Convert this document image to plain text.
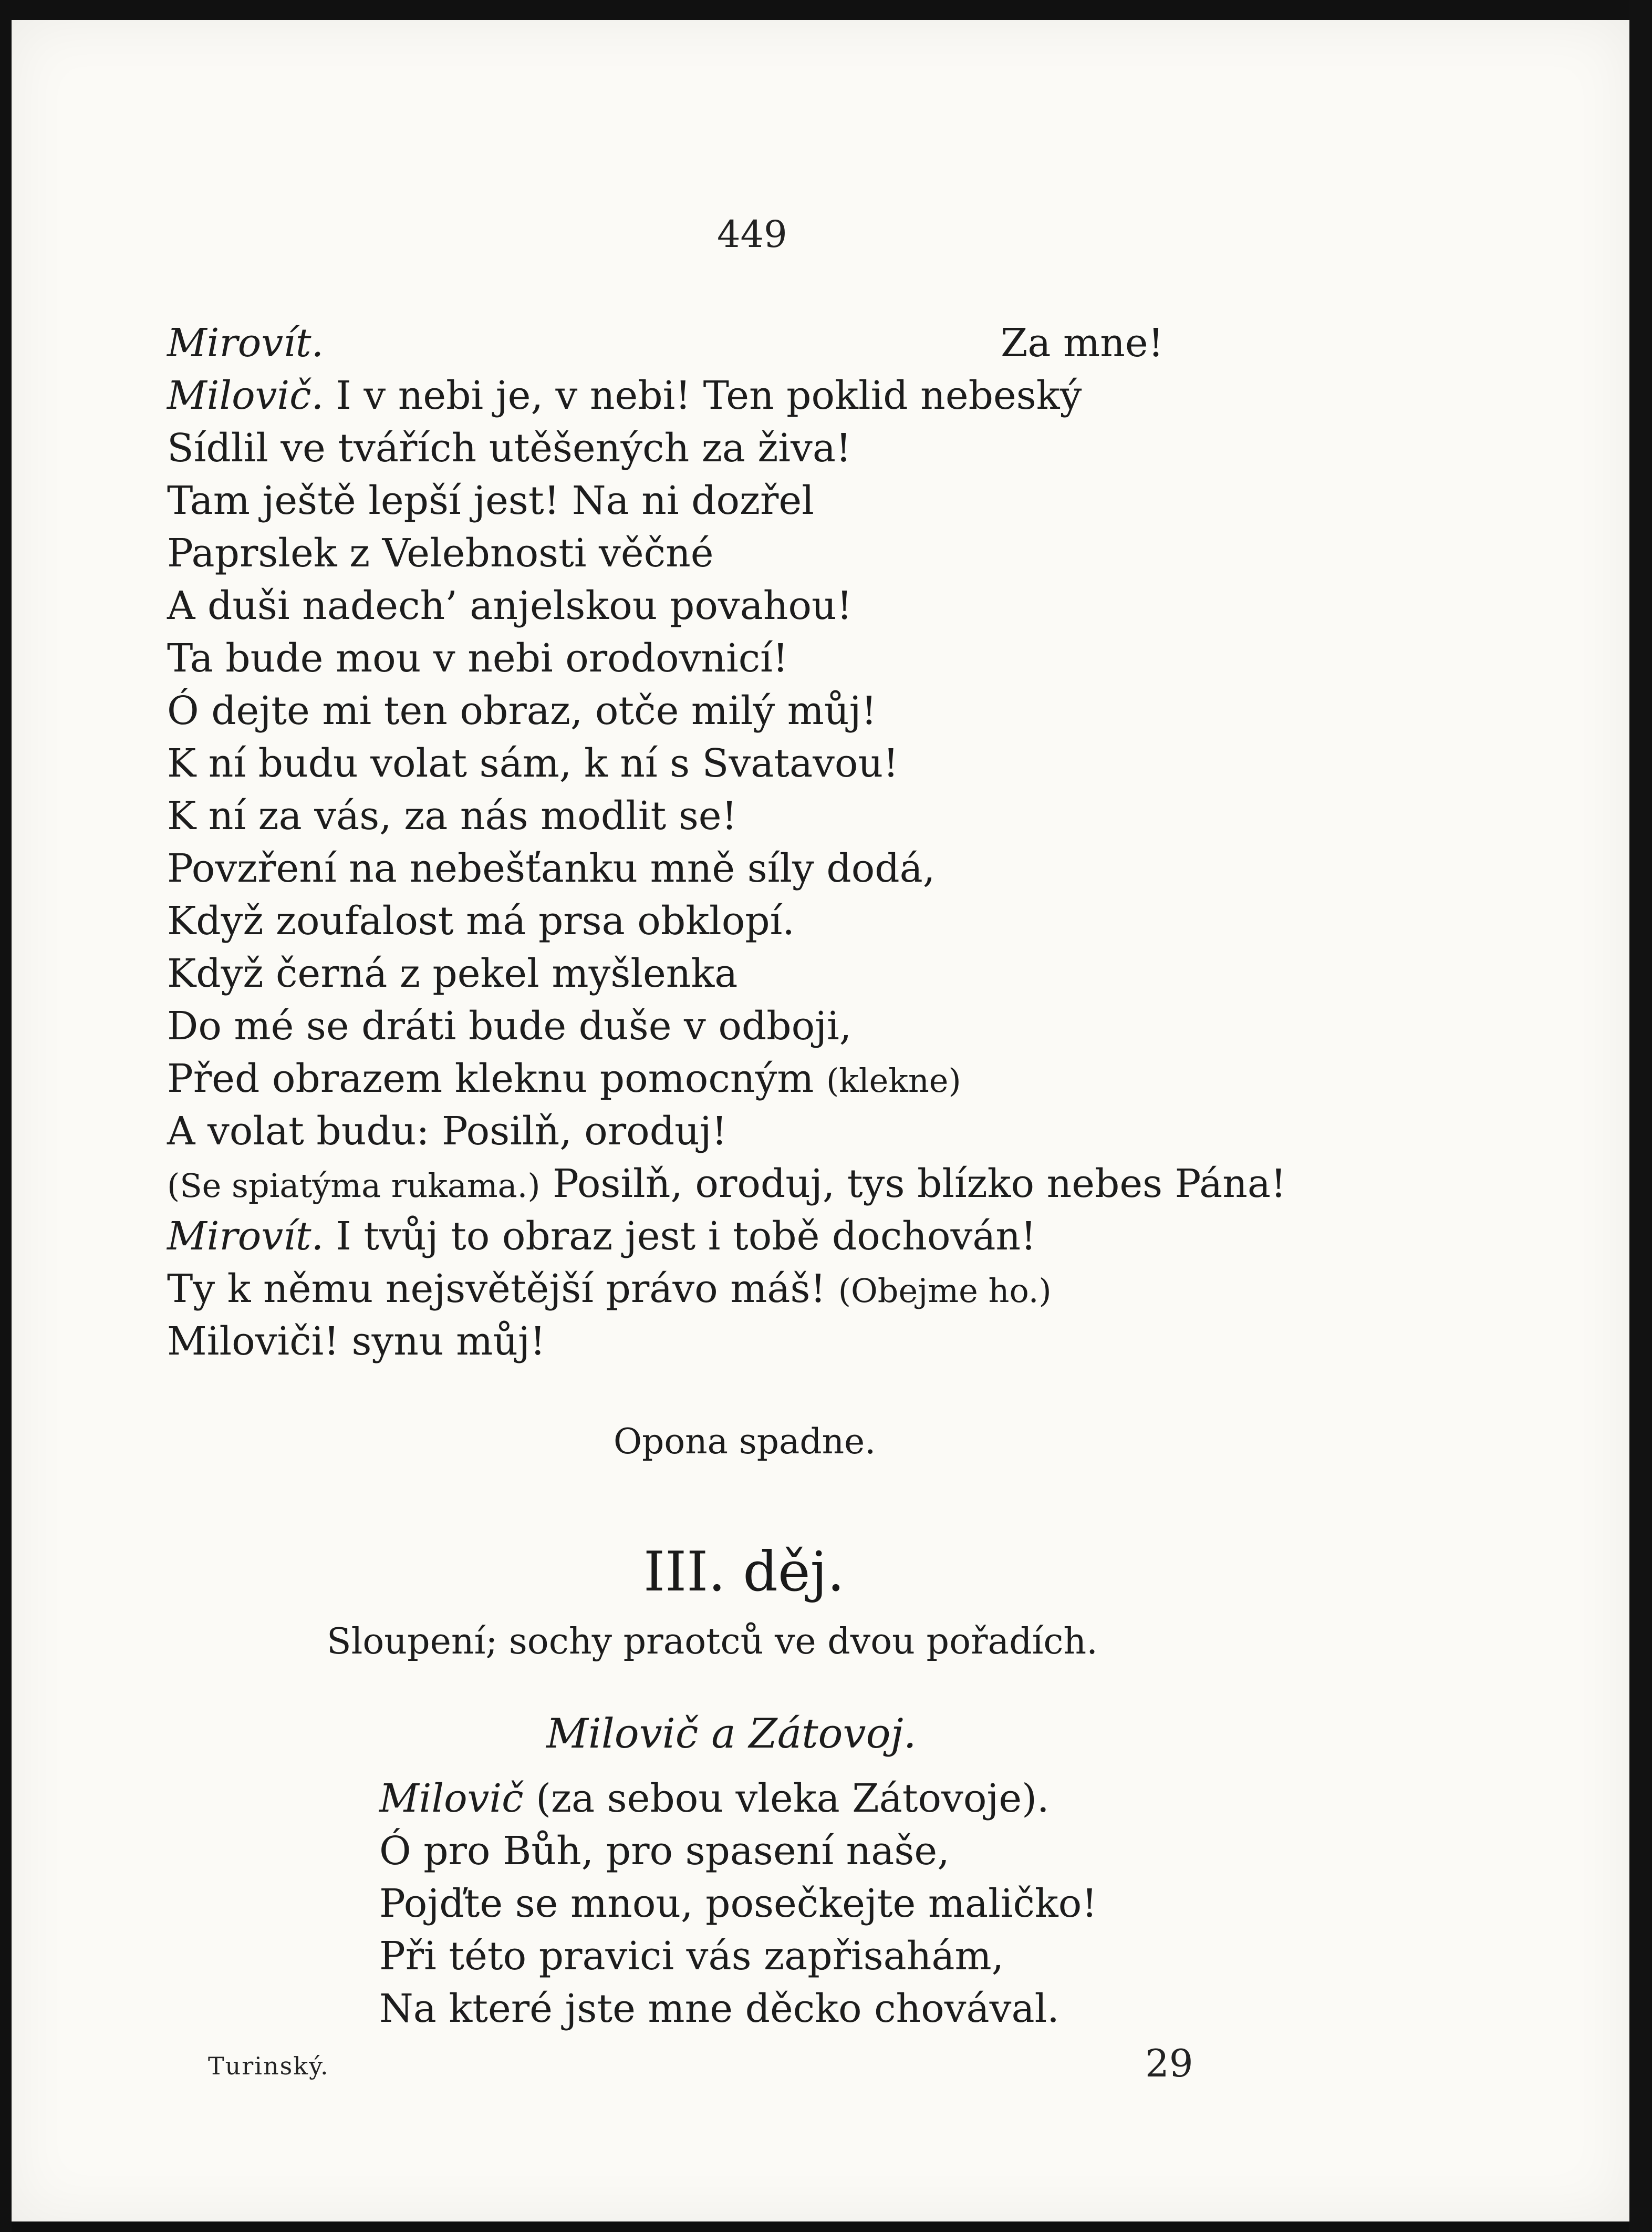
449
Mirovít.	Za mne!
Milovič. I v nebi je, v nebi! Ten poklid nebeský
Sídlil ve tvářích utěšených za živa!
Tam ještě lepší jest! Na ni dozřel
Paprslek z Velebnosti věčné
A duši nadech’ anjelskou povahou!
Ta bude mou v nebi orodovnicí!
Ó dejte mi ten obraz, otče milý můj!
K ní budu volat sám, k ní s Svatavou!
K ní za vás, za nás modlit se!
Povzření na nebešťanku mně síly dodá,
Když zoufalost má prsa obklopí.
Když černá z pekel myšlenka
Do mé se dráti bude duše v odboji,
Před obrazem kleknu pomocným (klekne)
A volat budu: Posilň, oroduj!
(Se spiatýma rukama.) Posilň, oroduj, tys blízko nebes Pána!
Mirovít. I tvůj to obraz jest i tobě dochován!
Ty k němu nejsvětější právo máš! (Obejme ho.)
Miloviči! synu můj!
Opona spadne.
III. děj.
Sloupení; sochy praotců ve dvou pořadích.
Milovič a Zátovoj.
Milovič (za sebou vleka Zátovoje).
Ó pro Bůh, pro spasení naše,
Pojďte se mnou, posečkejte maličko!
Při této pravici vás zapřisahám,
Na které jste mne děcko chovával.
Turinský.	29
